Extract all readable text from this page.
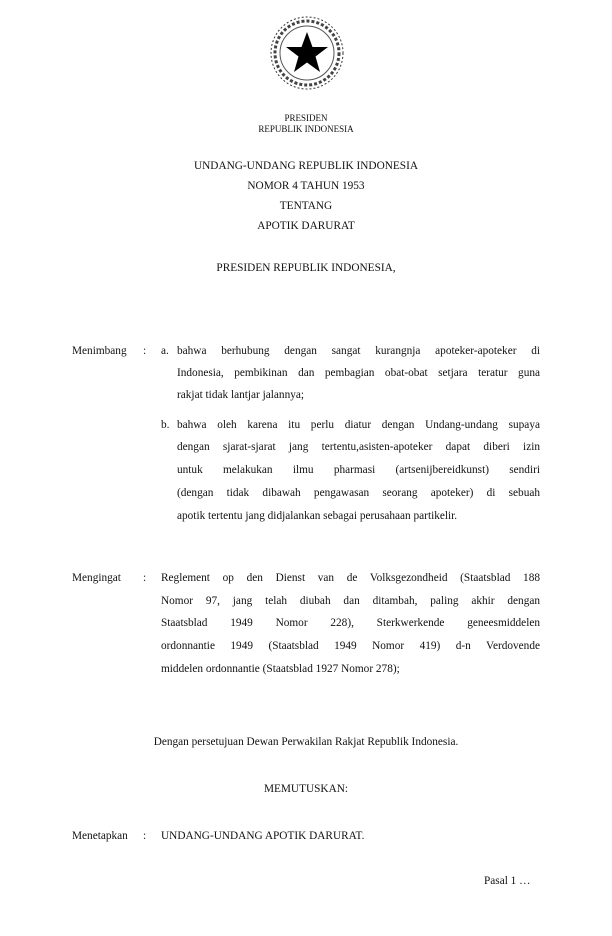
PRESIDEN
REPUBLIK INDONESIA
UNDANG-UNDANG REPUBLIK INDONESIA
NOMOR 4 TAHUN 1953
TENTANG
APOTIK DARURAT
PRESIDEN REPUBLIK INDONESIA,
Menimbang : a. bahwa berhubung dengan sangat kurangnja apoteker-apoteker di
Indonesia, pembikinan dan pembagian obat-obat setjara teratur guna
rakjat tidak lantjar jalannya;
b. bahwa oleh karena itu perlu diatur dengan Undang-undang supaya
dengan sjarat-sjarat jang tertentu,asisten-apoteker dapat diberi izin
untuk melakukan ilmu pharmasi (artsenijbereidkunst) sendiri
(dengan tidak dibawah pengawasan seorang apoteker) di sebuah
apotik tertentu jang didjalankan sebagai perusahaan partikelir.
Mengingat : Reglement op den Dienst van de Volksgezondheid (Staatsblad 188
Nomor 97, jang telah diubah dan ditambah, paling akhir dengan
Staatsblad 1949 Nomor 228), Sterkwerkende geneesmiddelen
ordonnantie 1949 (Staatsblad 1949 Nomor 419) d-n Verdovende
middelen ordonnantie (Staatsblad 1927 Nomor 278);
Dengan persetujuan Dewan Perwakilan Rakjat Republik Indonesia.
MEMUTUSKAN:
Menetapkan : UNDANG-UNDANG APOTIK DARURAT.
Pasal 1 …
